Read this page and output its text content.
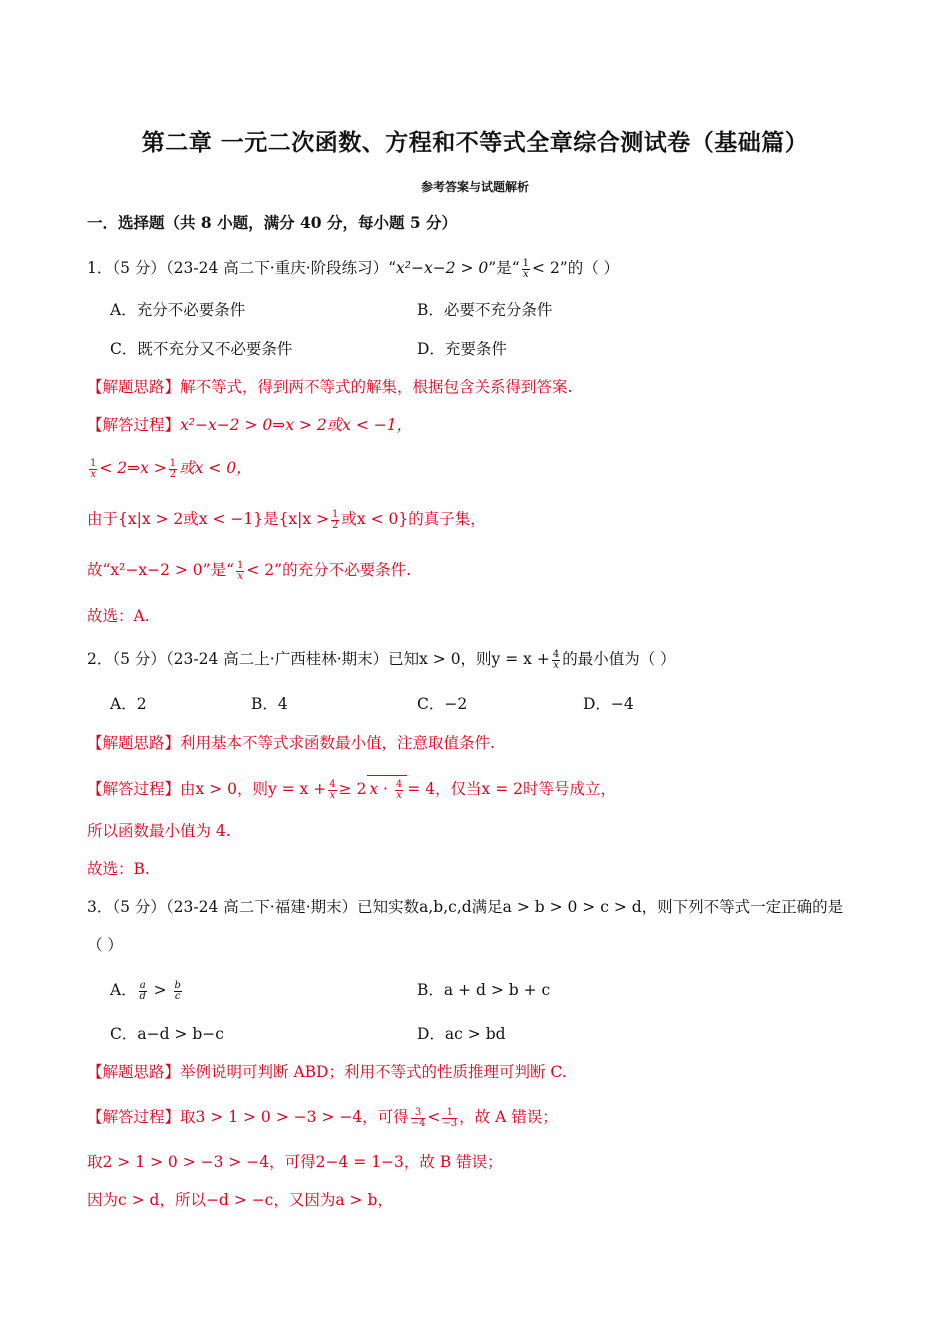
第二章 一元二次函数、方程和不等式全章综合测试卷（基础篇）
参考答案与试题解析
一．选择题（共 8 小题，满分 40 分，每小题 5 分）
1．（5 分）（23-24 高二下·重庆·阶段练习）“x²−x−2 > 0”是“ $\frac{1}{x} < 2$”的（ ）
A．充分不必要条件	B．必要不充分条件
C．既不充分又不必要条件	D．充要条件
【解题思路】解不等式，得到两不等式的解集，根据包含关系得到答案.
【解答过程】x²−x−2 > 0⇒x > 2或x < −1，
$\frac{1}{x}$ < 2⇒x > $\frac{1}{2}$ 或x < 0，
由于{x|x > 2或x < −1}是{$x|x > \frac{1}{2}$ 或x < 0}的真子集，
故“x²−x−2 > 0”是“ $\frac{1}{x} < 2$”的充分不必要条件.
故选：A.
2．（5 分）（23-24 高二上·广西桂林·期末）已知x > 0，则$y = x + \frac{4}{x}$ 的最小值为（ ）
A．2	B．4	C．−2	D．−4
【解题思路】利用基本不等式求函数最小值，注意取值条件.
【解答过程】由x > 0，则$y = x + \frac{4}{x} \ge 2$ $x \cdot \frac{4}{x} = 4$，仅当x = 2时等号成立，
所以函数最小值为 4.
故选：B.
3．（5 分）（23-24 高二下·福建·期末）已知实数a,b,c,d满足a > b > 0 > c > d，则下列不等式一定正确的是
（ ）
A． $\frac{a}{d} > \frac{b}{c}$	B．a + d > b + c
C．a−d > b−c	D．ac > bd
【解题思路】举例说明可判断 ABD；利用不等式的性质推理可判断 C.
【解答过程】取3 > 1 > 0 > −3 > −4，可得 $\frac{3}{-4} < \frac{1}{-3}$ ，故 A 错误；
取2 > 1 > 0 > −3 > −4，可得2−4 = 1−3，故 B 错误；
因为c > d，所以−d > −c，又因为a > b，
